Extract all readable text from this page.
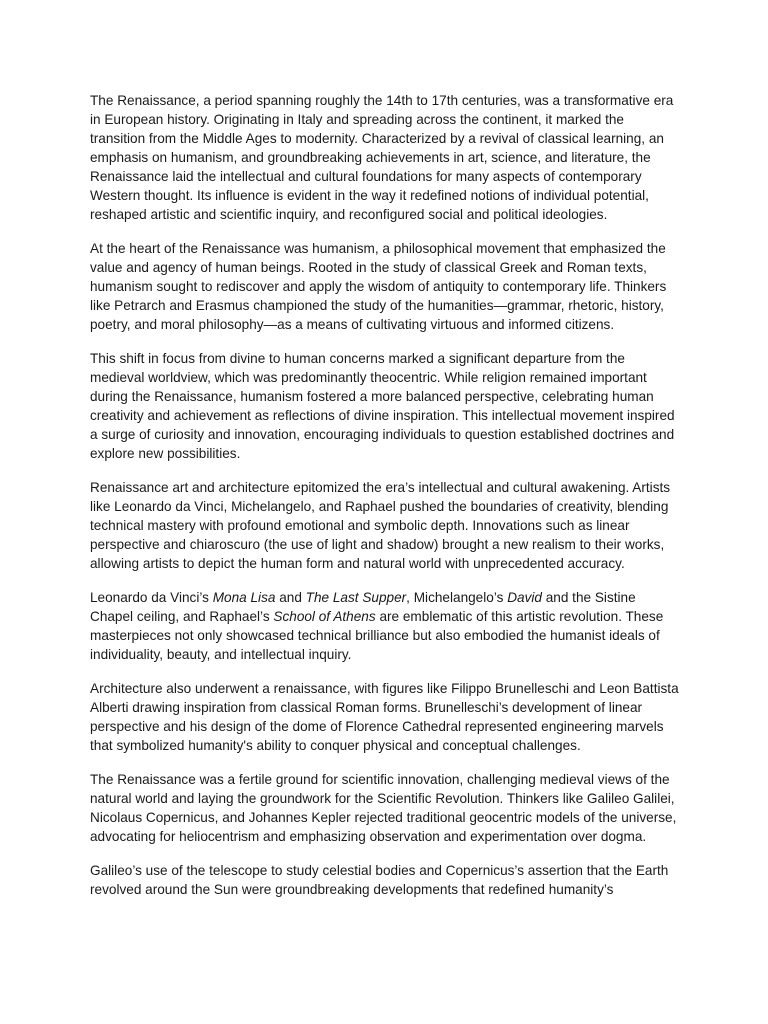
The Renaissance, a period spanning roughly the 14th to 17th centuries, was a transformative era in European history. Originating in Italy and spreading across the continent, it marked the transition from the Middle Ages to modernity. Characterized by a revival of classical learning, an emphasis on humanism, and groundbreaking achievements in art, science, and literature, the Renaissance laid the intellectual and cultural foundations for many aspects of contemporary Western thought. Its influence is evident in the way it redefined notions of individual potential, reshaped artistic and scientific inquiry, and reconfigured social and political ideologies.

At the heart of the Renaissance was humanism, a philosophical movement that emphasized the value and agency of human beings. Rooted in the study of classical Greek and Roman texts, humanism sought to rediscover and apply the wisdom of antiquity to contemporary life. Thinkers like Petrarch and Erasmus championed the study of the humanities—grammar, rhetoric, history, poetry, and moral philosophy—as a means of cultivating virtuous and informed citizens.

This shift in focus from divine to human concerns marked a significant departure from the medieval worldview, which was predominantly theocentric. While religion remained important during the Renaissance, humanism fostered a more balanced perspective, celebrating human creativity and achievement as reflections of divine inspiration. This intellectual movement inspired a surge of curiosity and innovation, encouraging individuals to question established doctrines and explore new possibilities.

Renaissance art and architecture epitomized the era’s intellectual and cultural awakening. Artists like Leonardo da Vinci, Michelangelo, and Raphael pushed the boundaries of creativity, blending technical mastery with profound emotional and symbolic depth. Innovations such as linear perspective and chiaroscuro (the use of light and shadow) brought a new realism to their works, allowing artists to depict the human form and natural world with unprecedented accuracy.

Leonardo da Vinci’s Mona Lisa and The Last Supper, Michelangelo’s David and the Sistine Chapel ceiling, and Raphael’s School of Athens are emblematic of this artistic revolution. These masterpieces not only showcased technical brilliance but also embodied the humanist ideals of individuality, beauty, and intellectual inquiry.

Architecture also underwent a renaissance, with figures like Filippo Brunelleschi and Leon Battista Alberti drawing inspiration from classical Roman forms. Brunelleschi’s development of linear perspective and his design of the dome of Florence Cathedral represented engineering marvels that symbolized humanity's ability to conquer physical and conceptual challenges.

The Renaissance was a fertile ground for scientific innovation, challenging medieval views of the natural world and laying the groundwork for the Scientific Revolution. Thinkers like Galileo Galilei, Nicolaus Copernicus, and Johannes Kepler rejected traditional geocentric models of the universe, advocating for heliocentrism and emphasizing observation and experimentation over dogma.

Galileo’s use of the telescope to study celestial bodies and Copernicus’s assertion that the Earth revolved around the Sun were groundbreaking developments that redefined humanity’s
